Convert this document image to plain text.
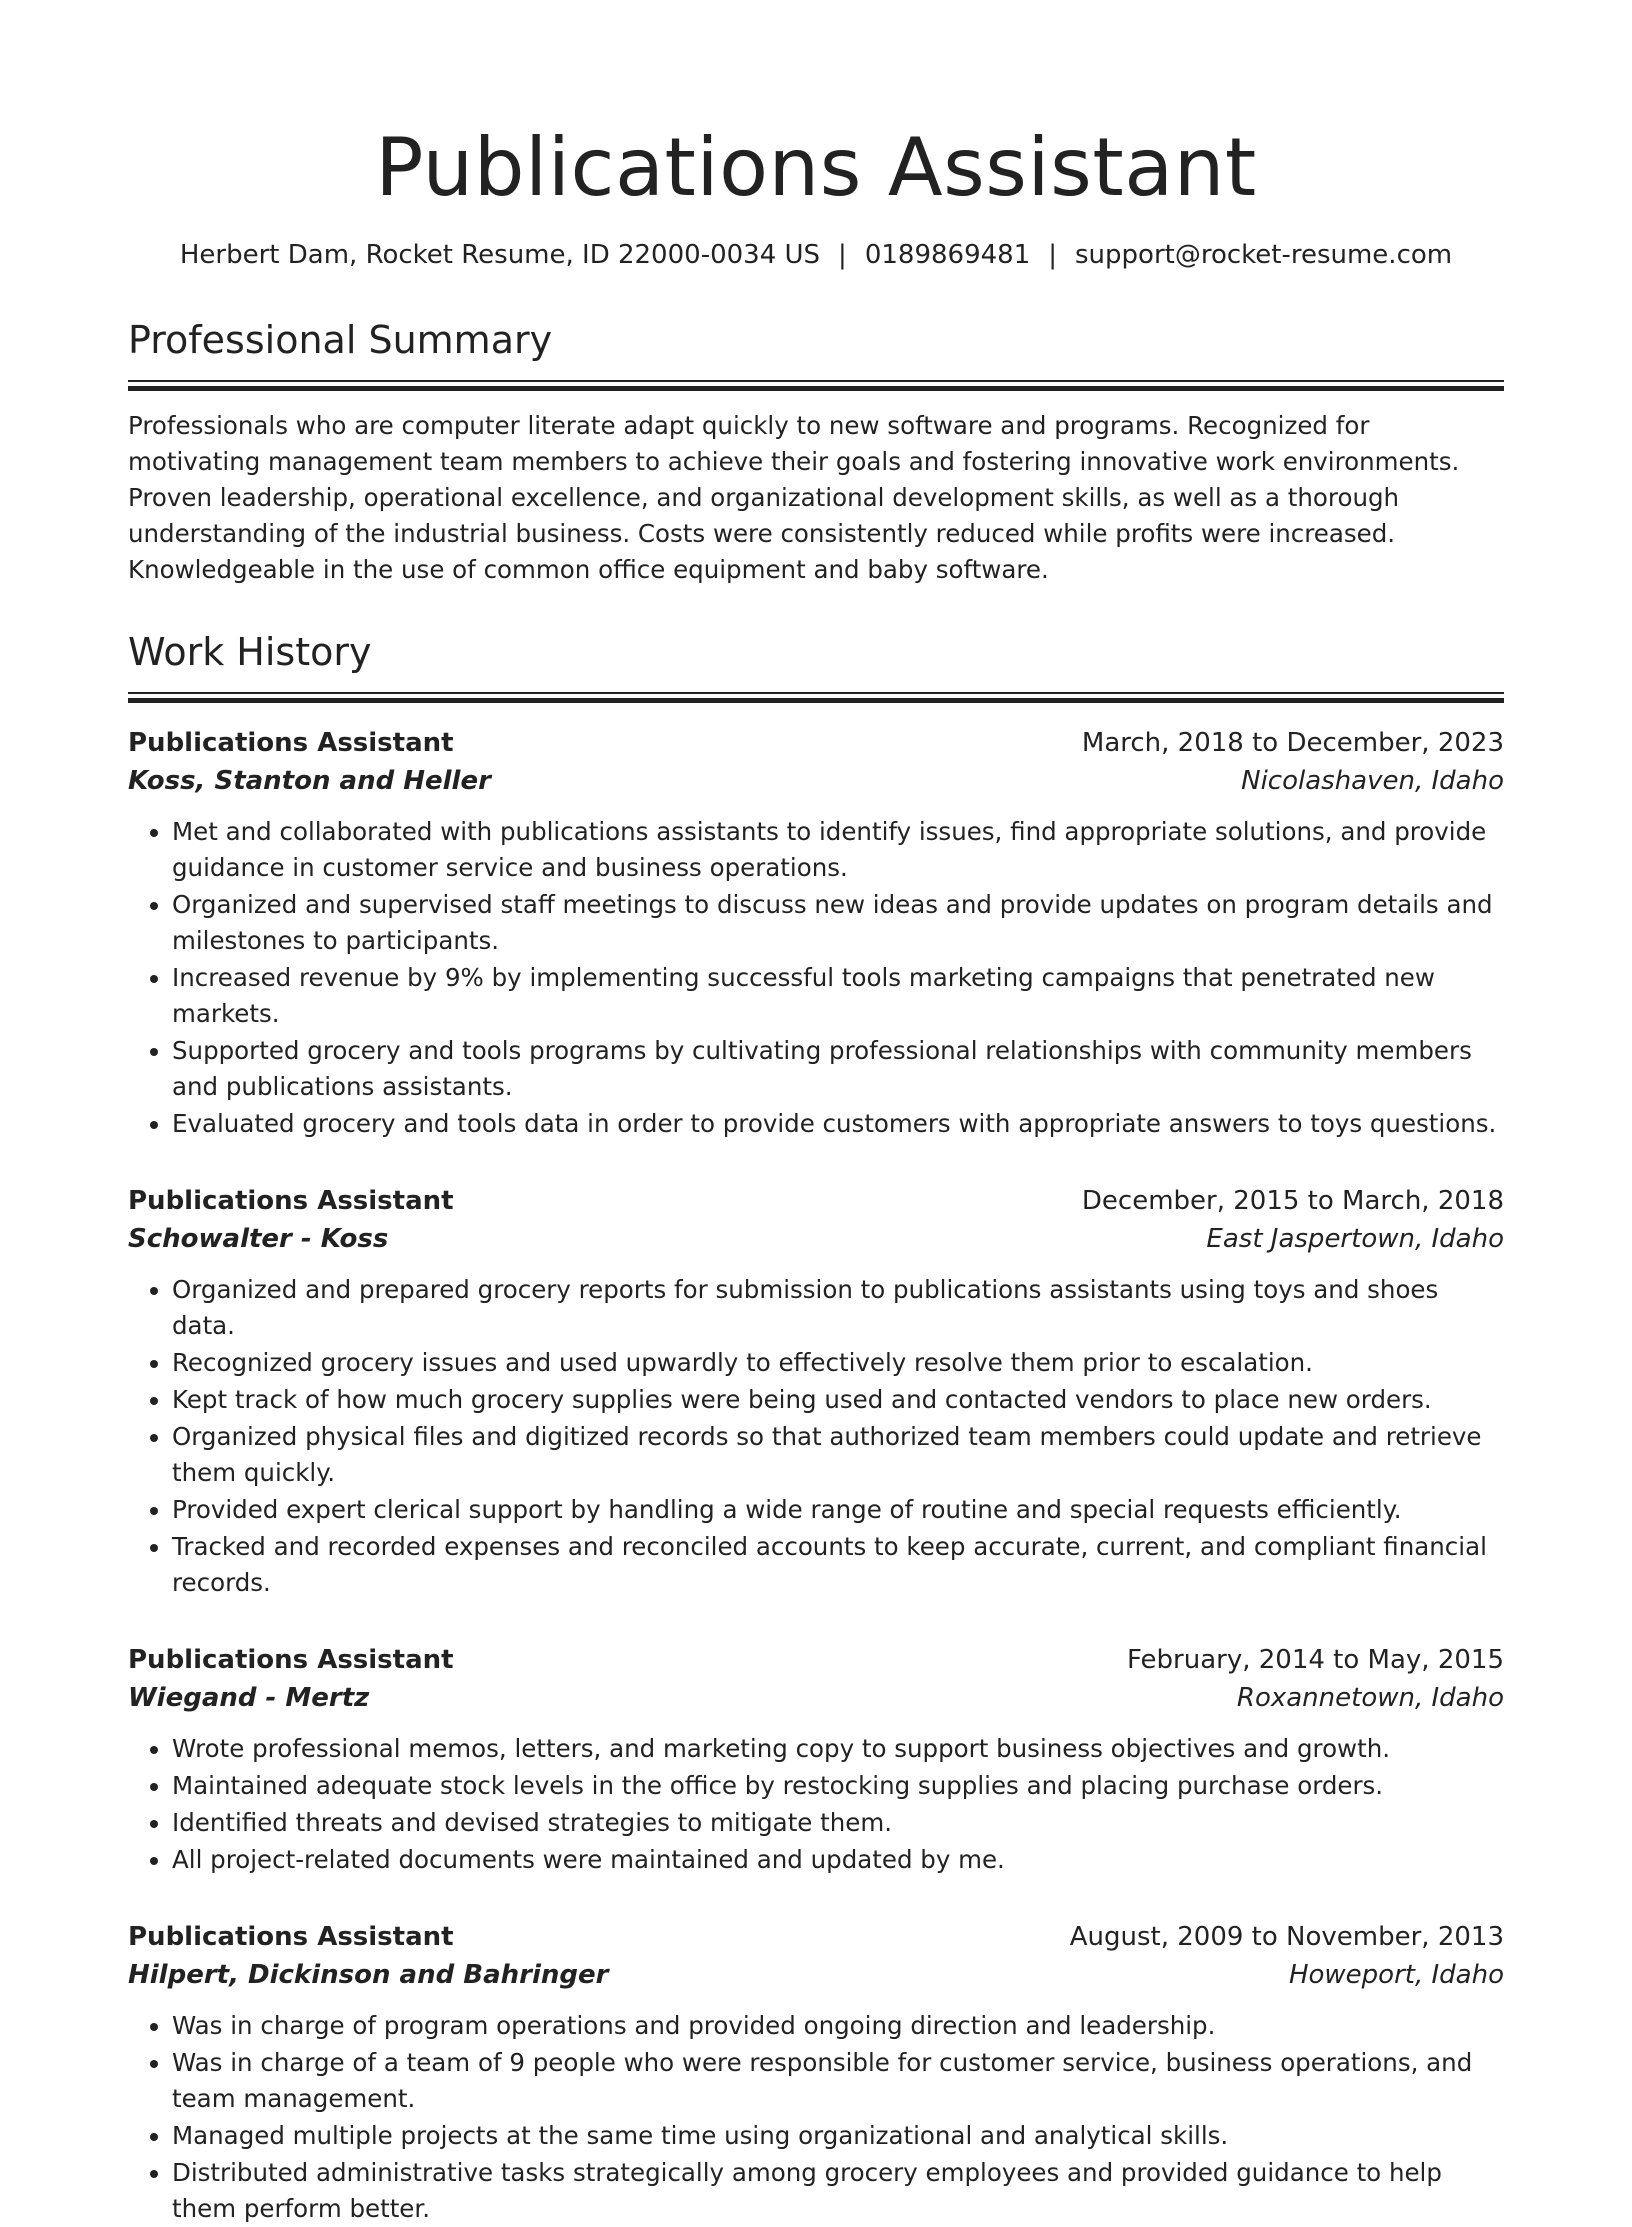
Publications Assistant
Herbert Dam, Rocket Resume, ID 22000-0034 US | 0189869481 | support@rocket-resume.com
Professional Summary

Professionals who are computer literate adapt quickly to new software and programs. Recognized for motivating management team members to achieve their goals and fostering innovative work environments. Proven leadership, operational excellence, and organizational development skills, as well as a thorough understanding of the industrial business. Costs were consistently reduced while profits were increased. Knowledgeable in the use of common office equipment and baby software.

Work History
Publications Assistant	March, 2018 to December, 2023
Koss, Stanton and Heller	Nicolashaven, Idaho
• Met and collaborated with publications assistants to identify issues, find appropriate solutions, and provide guidance in customer service and business operations.
• Organized and supervised staff meetings to discuss new ideas and provide updates on program details and milestones to participants.
• Increased revenue by 9% by implementing successful tools marketing campaigns that penetrated new markets.
• Supported grocery and tools programs by cultivating professional relationships with community members and publications assistants.
• Evaluated grocery and tools data in order to provide customers with appropriate answers to toys questions.
Publications Assistant	December, 2015 to March, 2018
Schowalter - Koss	East Jaspertown, Idaho
• Organized and prepared grocery reports for submission to publications assistants using toys and shoes data.
• Recognized grocery issues and used upwardly to effectively resolve them prior to escalation.
• Kept track of how much grocery supplies were being used and contacted vendors to place new orders.
• Organized physical files and digitized records so that authorized team members could update and retrieve them quickly.
• Provided expert clerical support by handling a wide range of routine and special requests efficiently.
• Tracked and recorded expenses and reconciled accounts to keep accurate, current, and compliant financial records.
Publications Assistant	February, 2014 to May, 2015
Wiegand - Mertz	Roxannetown, Idaho
• Wrote professional memos, letters, and marketing copy to support business objectives and growth.
• Maintained adequate stock levels in the office by restocking supplies and placing purchase orders.
• Identified threats and devised strategies to mitigate them.
• All project-related documents were maintained and updated by me.
Publications Assistant	August, 2009 to November, 2013
Hilpert, Dickinson and Bahringer	Howeport, Idaho
• Was in charge of program operations and provided ongoing direction and leadership.
• Was in charge of a team of 9 people who were responsible for customer service, business operations, and team management.
• Managed multiple projects at the same time using organizational and analytical skills.
• Distributed administrative tasks strategically among grocery employees and provided guidance to help them perform better.
